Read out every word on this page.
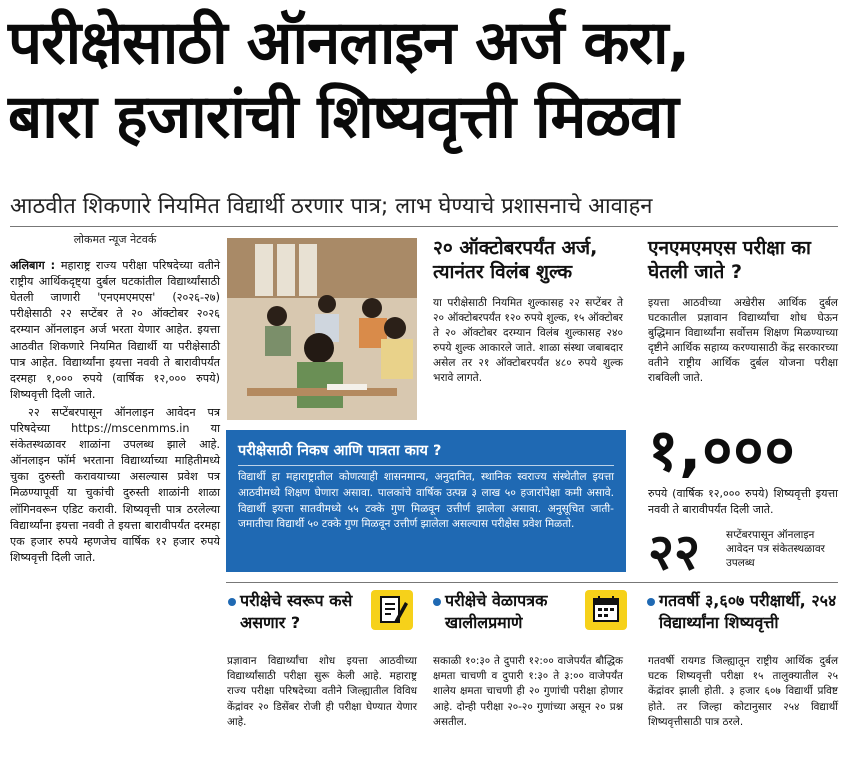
परीक्षेसाठी ऑनलाइन अर्ज करा,
बारा हजारांची शिष्यवृत्ती मिळवा
आठवीत शिकणारे नियमित विद्यार्थी ठरणार पात्र; लाभ घेण्याचे प्रशासनाचे आवाहन
लोकमत न्यूज नेटवर्क

अलिबाग : महाराष्ट्र राज्य परीक्षा परिषदेच्या वतीने राष्ट्रीय आर्थिकदृष्ट्या दुर्बल घटकांतील विद्यार्थ्यांसाठी घेतली जाणारी 'एनएमएमएस' (२०२६-२७) परीक्षेसाठी २२ सप्टेंबर ते २० ऑक्टोबर २०२६ दरम्यान ऑनलाइन अर्ज भरता येणार आहेत. इयत्ता आठवीत शिकणारे नियमित विद्यार्थी या परीक्षेसाठी पात्र आहेत. विद्यार्थ्यांना इयत्ता नववी ते बारावीपर्यंत दरमहा १,००० रुपये (वार्षिक १२,००० रुपये) शिष्यवृत्ती दिली जाते.

२२ सप्टेंबरपासून ऑनलाइन आवेदन पत्र परिषदेच्या https://mscenmms.in या संकेतस्थळावर शाळांना उपलब्ध झाले आहे. ऑनलाइन फॉर्म भरताना विद्यार्थ्याच्या माहितीमध्ये चुका दुरुस्ती करावयाच्या असल्यास प्रवेश पत्र मिळण्यापूर्वी या चुकांची दुरुस्ती शाळांनी शाळा लॉगिनवरून एडिट करावी. शिष्यवृत्ती पात्र ठरलेल्या विद्यार्थ्यांना इयत्ता नववी ते इयत्ता बारावीपर्यंत दरमहा एक हजार रुपये म्हणजेच वार्षिक १२ हजार रुपये शिष्यवृत्ती दिली जाते.

२० ऑक्टोबरपर्यंत अर्ज, त्यानंतर विलंब शुल्क
या परीक्षेसाठी नियमित शुल्कासह २२ सप्टेंबर ते २० ऑक्टोबरपर्यंत १२० रुपये शुल्क, १५ ऑक्टोबर ते २० ऑक्टोबर दरम्यान विलंब शुल्कासह २४० रुपये शुल्क आकारले जाते. शाळा संस्था जबाबदार असेल तर २१ ऑक्टोबरपर्यंत ४८० रुपये शुल्क भरावे लागते.
एनएमएमएस परीक्षा का घेतली जाते ?
इयत्ता आठवीच्या अखेरीस आर्थिक दुर्बल घटकातील प्रज्ञावान विद्यार्थ्यांचा शोध घेऊन बुद्धिमान विद्यार्थ्यांना सर्वोत्तम शिक्षण मिळण्याच्या दृष्टीने आर्थिक सहाय्य करण्यासाठी केंद्र सरकारच्या वतीने राष्ट्रीय आर्थिक दुर्बल योजना परीक्षा राबविली जाते.
१,०००
रुपये (वार्षिक १२,००० रुपये) शिष्यवृत्ती इयत्ता नववी ते बारावीपर्यंत दिली जाते.
२२ सप्टेंबरपासून ऑनलाइन आवेदन पत्र संकेतस्थळावर उपलब्ध
परीक्षेसाठी निकष आणि पात्रता काय ?
विद्यार्थी हा महाराष्ट्रातील कोणत्याही शासनमान्य, अनुदानित, स्थानिक स्वराज्य संस्थेतील इयत्ता आठवीमध्ये शिक्षण घेणारा असावा. पालकांचे वार्षिक उत्पन्न ३ लाख ५० हजारांपेक्षा कमी असावे. विद्यार्थी इयत्ता सातवीमध्ये ५५ टक्के गुण मिळवून उत्तीर्ण झालेला असावा. अनुसूचित जाती-जमातीचा विद्यार्थी ५० टक्के गुण मिळवून उत्तीर्ण झालेला असल्यास परीक्षेस प्रवेश मिळतो.
परीक्षेचे स्वरूप कसे असणार ?
प्रज्ञावान विद्यार्थ्यांचा शोध इयत्ता आठवीच्या विद्यार्थ्यांसाठी परीक्षा सुरू केली आहे. महाराष्ट्र राज्य परीक्षा परिषदेच्या वतीने जिल्ह्यातील विविध केंद्रांवर २० डिसेंबर रोजी ही परीक्षा घेण्यात येणार आहे.
परीक्षेचे वेळापत्रक खालीलप्रमाणे
सकाळी १०:३० ते दुपारी १२:०० वाजेपर्यंत बौद्धिक क्षमता चाचणी व दुपारी १:३० ते ३:०० वाजेपर्यंत शालेय क्षमता चाचणी ही २० गुणांची परीक्षा होणार आहे. दोन्ही परीक्षा २०-२० गुणांच्या असून २० प्रश्न असतील.
गतवर्षी ३,६०७ परीक्षार्थी, २५४ विद्यार्थ्यांना शिष्यवृत्ती
गतवर्षी रायगड जिल्ह्यातून राष्ट्रीय आर्थिक दुर्बल घटक शिष्यवृत्ती परीक्षा १५ तालुक्यातील २५ केंद्रांवर झाली होती. ३ हजार ६०७ विद्यार्थी प्रविष्ट होते. तर जिल्हा कोटानुसार २५४ विद्यार्थी शिष्यवृत्तीसाठी पात्र ठरले.
